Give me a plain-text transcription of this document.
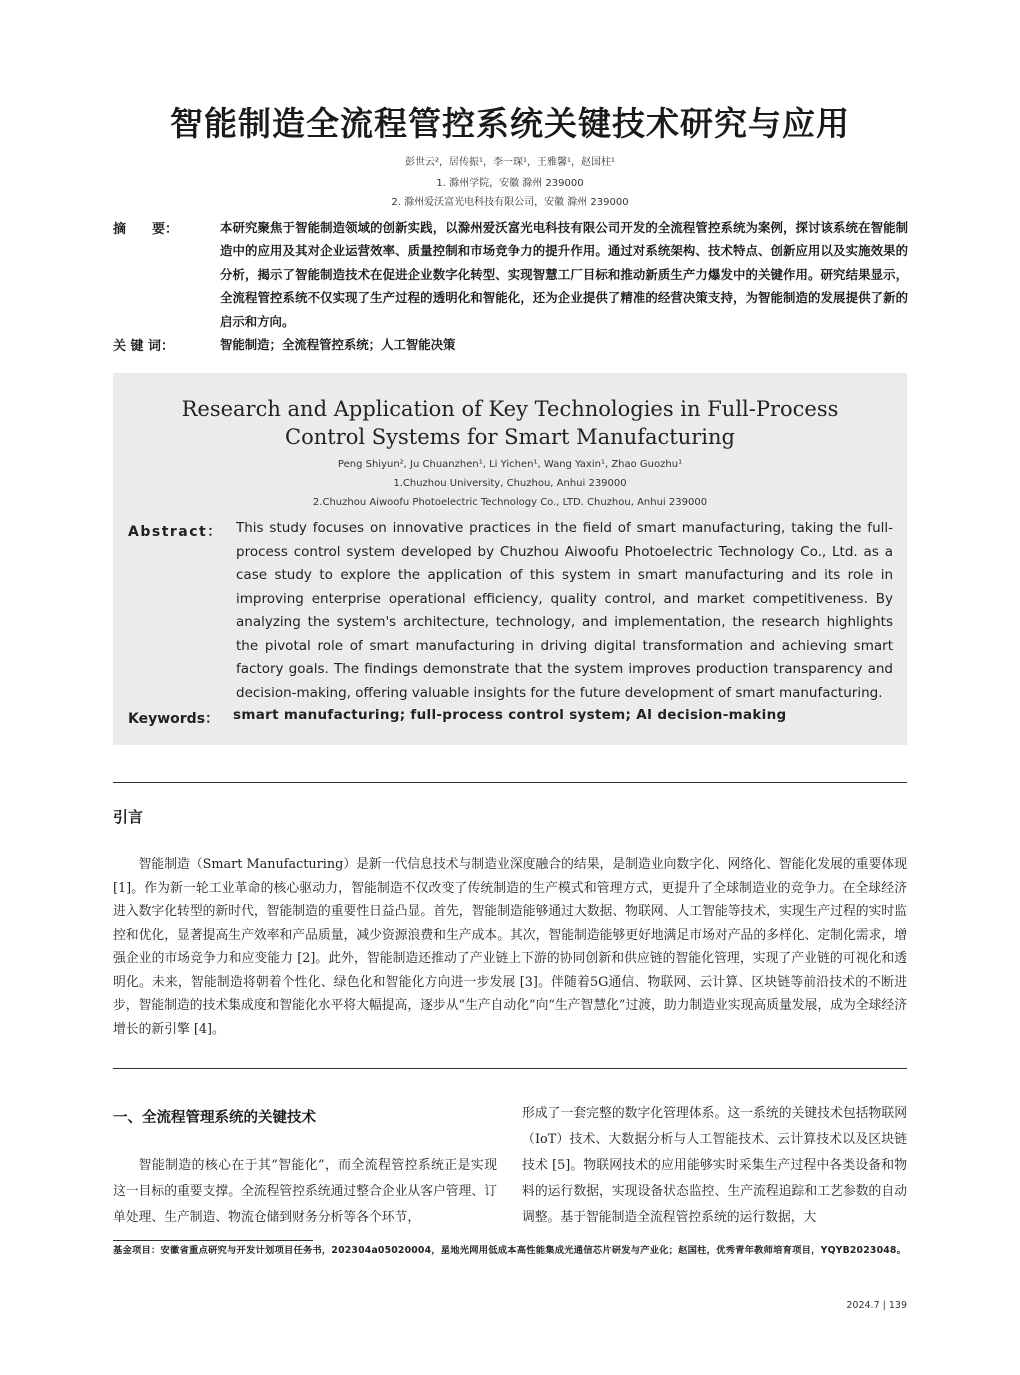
智能制造全流程管控系统关键技术研究与应用
彭世云²，居传振¹，李一琛¹，王雅馨¹，赵国柱¹
1. 滁州学院，安徽 滁州 239000
2. 滁州爱沃富光电科技有限公司，安徽 滁州 239000
摘　　要：	本研究聚焦于智能制造领域的创新实践，以滁州爱沃富光电科技有限公司开发的全流程管控系统为案例，探讨该系统在智能制造中的应用及其对企业运营效率、质量控制和市场竞争力的提升作用。通过对系统架构、技术特点、创新应用以及实施效果的分析，揭示了智能制造技术在促进企业数字化转型、实现智慧工厂目标和推动新质生产力爆发中的关键作用。研究结果显示，全流程管控系统不仅实现了生产过程的透明化和智能化，还为企业提供了精准的经营决策支持，为智能制造的发展提供了新的启示和方向。
关 键 词：	智能制造；全流程管控系统；人工智能决策
Research and Application of Key Technologies in Full-Process
Control Systems for Smart Manufacturing
Peng Shiyun², Ju Chuanzhen¹, Li Yichen¹, Wang Yaxin¹, Zhao Guozhu¹
1.Chuzhou University, Chuzhou, Anhui 239000
2.Chuzhou Aiwoofu Photoelectric Technology Co., LTD. Chuzhou, Anhui 239000
Abstract： This study focuses on innovative practices in the field of smart manufacturing, taking the full-process control system developed by Chuzhou Aiwoofu Photoelectric Technology Co., Ltd. as a case study to explore the application of this system in smart manufacturing and its role in improving enterprise operational efficiency, quality control, and market competitiveness. By analyzing the system's architecture, technology, and implementation, the research highlights the pivotal role of smart manufacturing in driving digital transformation and achieving smart factory goals. The findings demonstrate that the system improves production transparency and decision-making, offering valuable insights for the future development of smart manufacturing.
Keywords： smart manufacturing; full-process control system; AI decision-making
引言
智能制造（Smart Manufacturing）是新一代信息技术与制造业深度融合的结果，是制造业向数字化、网络化、智能化发展的重要体现 [1]。作为新一轮工业革命的核心驱动力，智能制造不仅改变了传统制造的生产模式和管理方式，更提升了全球制造业的竞争力。在全球经济进入数字化转型的新时代，智能制造的重要性日益凸显。首先，智能制造能够通过大数据、物联网、人工智能等技术，实现生产过程的实时监控和优化，显著提高生产效率和产品质量，减少资源浪费和生产成本。其次，智能制造能够更好地满足市场对产品的多样化、定制化需求，增强企业的市场竞争力和应变能力 [2]。此外，智能制造还推动了产业链上下游的协同创新和供应链的智能化管理，实现了产业链的可视化和透明化。未来，智能制造将朝着个性化、绿色化和智能化方向进一步发展 [3]。伴随着5G通信、物联网、云计算、区块链等前沿技术的不断进步，智能制造的技术集成度和智能化水平将大幅提高，逐步从“生产自动化”向“生产智慧化”过渡，助力制造业实现高质量发展，成为全球经济增长的新引擎 [4]。
一、全流程管理系统的关键技术
智能制造的核心在于其“智能化”，而全流程管控系统正是实现这一目标的重要支撑。全流程管控系统通过整合企业从客户管理、订单处理、生产制造、物流仓储到财务分析等各个环节，
形成了一套完整的数字化管理体系。这一系统的关键技术包括物联网（IoT）技术、大数据分析与人工智能技术、云计算技术以及区块链技术 [5]。物联网技术的应用能够实时采集生产过程中各类设备和物料的运行数据，实现设备状态监控、生产流程追踪和工艺参数的自动调整。基于智能制造全流程管控系统的运行数据，大
基金项目：安徽省重点研究与开发计划项目任务书，202304a05020004，星地光网用低成本高性能集成光通信芯片研发与产业化；赵国柱，优秀青年教师培育项目，YQYB2023048。
2024.7 | 139
